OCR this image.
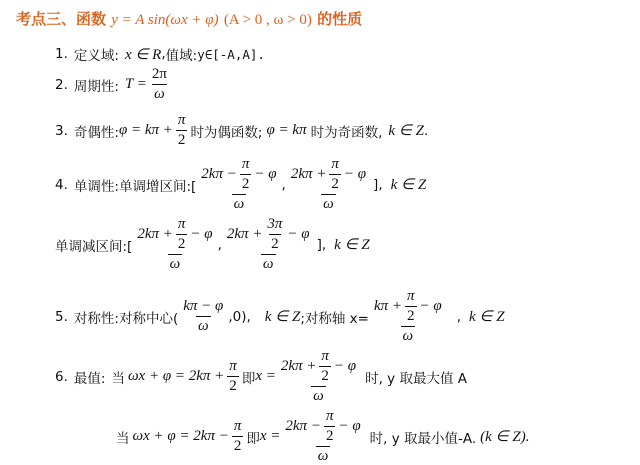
考点三、函数 y = A sin(ωx + φ) (A > 0 , ω > 0) 的性质
1. 定义域: x ∈ R , 值域: y∈[-A,A].
2. 周期性: $T = \frac{2\pi}{\omega}$
3. 奇偶性: $\varphi = k\pi + \frac{\pi}{2}$ 时为偶函数; φ = kπ 时为奇函数, k ∈ Z .
4. 单调性: 单调增区间:[ $\frac{2k\pi - \frac{\pi}{2} - \varphi}{\omega}$ , $\frac{2k\pi + \frac{\pi}{2} - \varphi}{\omega}$ ], k ∈ Z
单调减区间:[ $\frac{2k\pi + \frac{\pi}{2} - \varphi}{\omega}$ , $\frac{2k\pi + \frac{3\pi}{2} - \varphi}{\omega}$ ], k ∈ Z
5. 对称性:对称中心( $\frac{k\pi - \varphi}{\omega} ,0$), k ∈ Z ;对称轴 $x= \frac{k\pi + \frac{\pi}{2} - \varphi}{\omega}$ , k ∈ Z
6. 最值: 当 $\omega x + \varphi = 2k\pi + \frac{\pi}{2}$ 即 $x = \frac{2k\pi + \frac{\pi}{2} - \varphi}{\omega}$ 时, y 取最大值 A
当 $\omega x + \varphi = 2k\pi - \frac{\pi}{2}$ 即 $x = \frac{2k\pi - \frac{\pi}{2} - \varphi}{\omega}$ 时, y 取最小值-A. (k ∈ Z).
